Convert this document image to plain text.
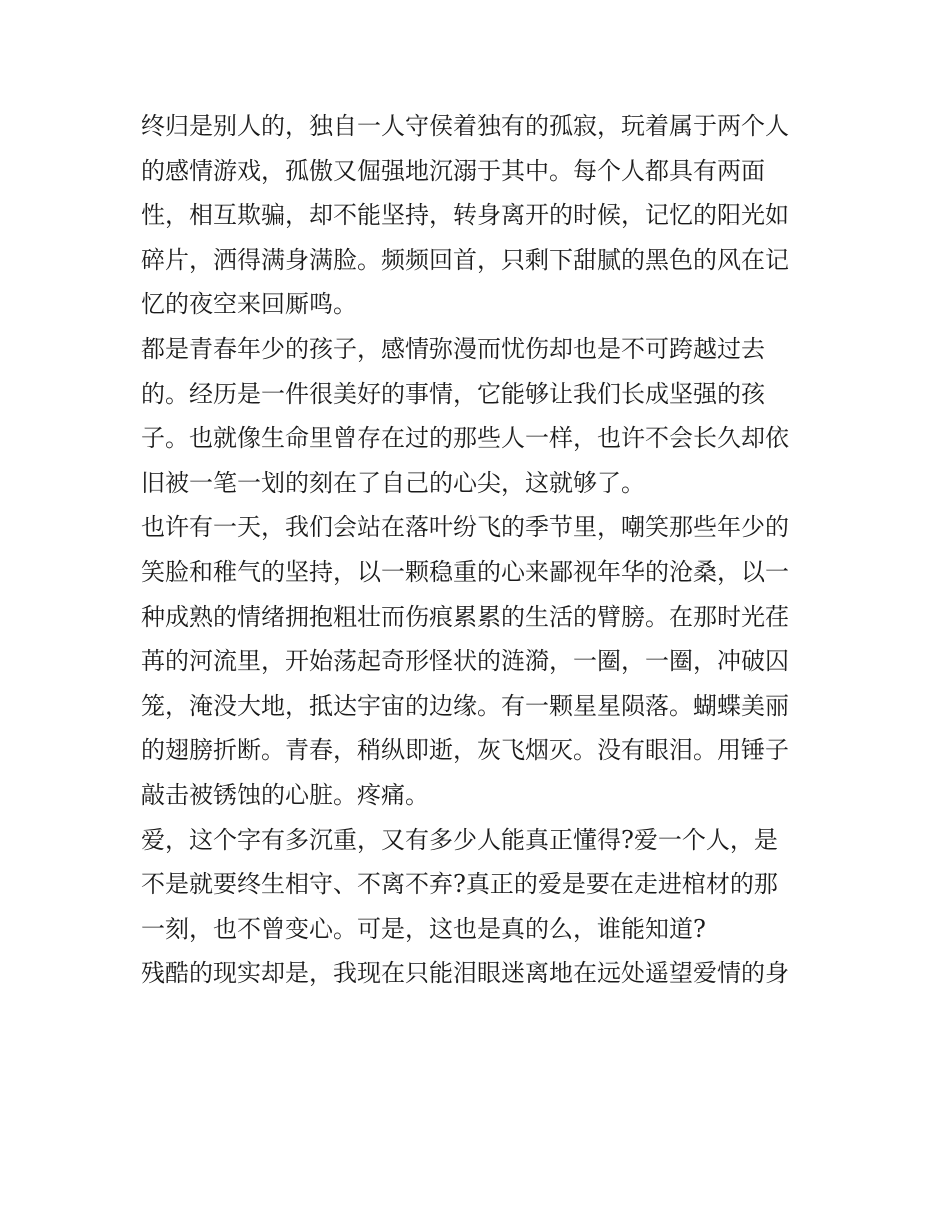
终归是别人的，独自一人守侯着独有的孤寂，玩着属于两个人
的感情游戏，孤傲又倔强地沉溺于其中。每个人都具有两面
性，相互欺骗，却不能坚持，转身离开的时候，记忆的阳光如
碎片，洒得满身满脸。频频回首，只剩下甜腻的黑色的风在记
忆的夜空来回厮鸣。
都是青春年少的孩子，感情弥漫而忧伤却也是不可跨越过去
的。经历是一件很美好的事情，它能够让我们长成坚强的孩
子。也就像生命里曾存在过的那些人一样，也许不会长久却依
旧被一笔一划的刻在了自己的心尖，这就够了。
也许有一天，我们会站在落叶纷飞的季节里，嘲笑那些年少的
笑脸和稚气的坚持，以一颗稳重的心来鄙视年华的沧桑，以一
种成熟的情绪拥抱粗壮而伤痕累累的生活的臂膀。在那时光荏
苒的河流里，开始荡起奇形怪状的涟漪，一圈，一圈，冲破囚
笼，淹没大地，抵达宇宙的边缘。有一颗星星陨落。蝴蝶美丽
的翅膀折断。青春，稍纵即逝，灰飞烟灭。没有眼泪。用锤子
敲击被锈蚀的心脏。疼痛。
爱，这个字有多沉重，又有多少人能真正懂得?爱一个人，是
不是就要终生相守、不离不弃?真正的爱是要在走进棺材的那
一刻，也不曾变心。可是，这也是真的么，谁能知道?
残酷的现实却是，我现在只能泪眼迷离地在远处遥望爱情的身
